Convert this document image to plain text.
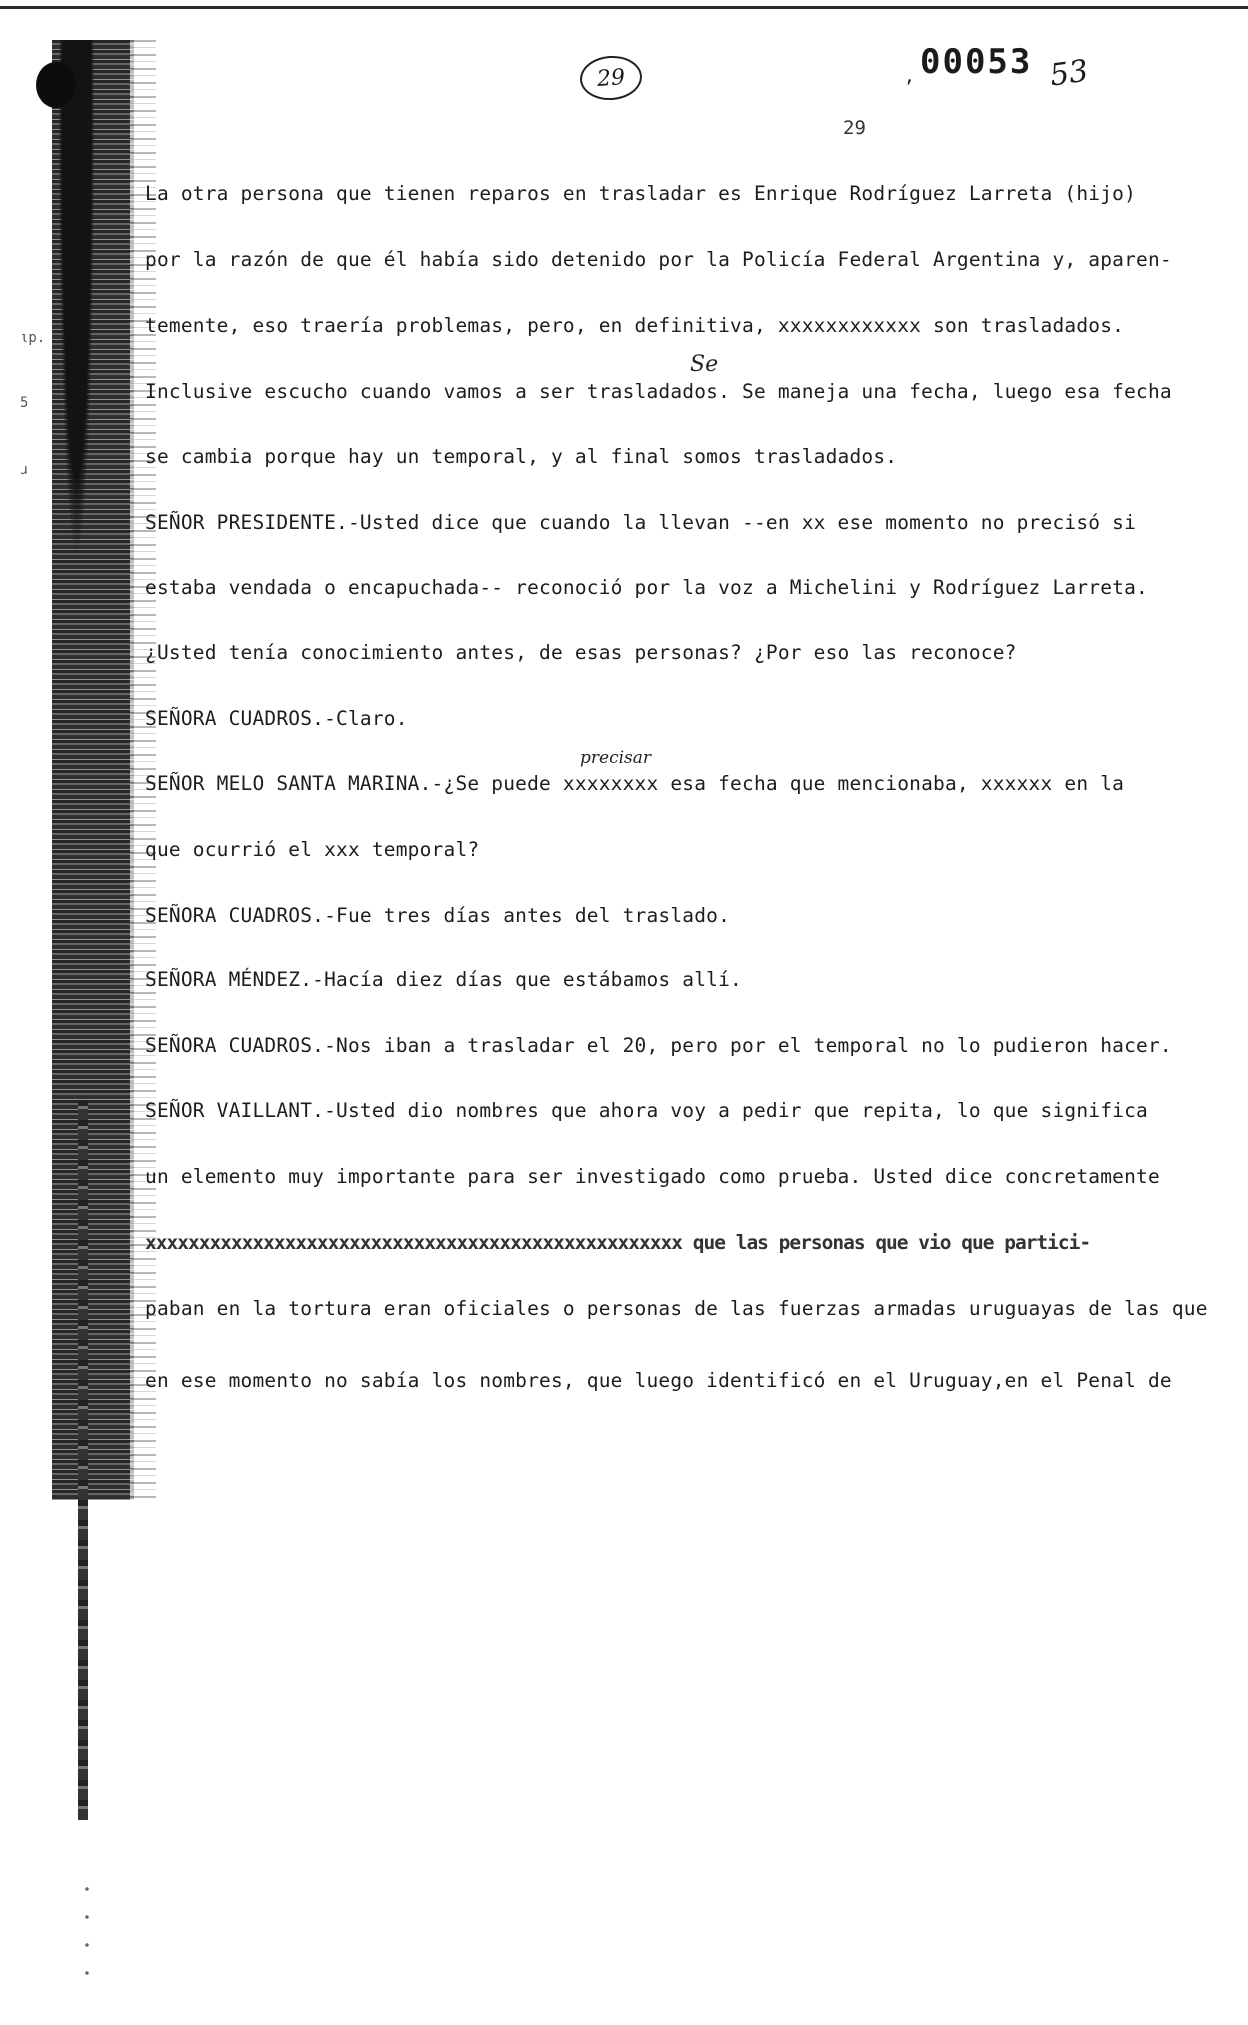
ιp.
5
ɹ
29	, 00053 53
29
Se
precisar
La otra persona que tienen reparos en trasladar es Enrique Rodríguez Larreta (hijo)
por la razón de que él había sido detenido por la Policía Federal Argentina y, aparen-
temente, eso traería problemas, pero, en definitiva, xxxxxxxxxxxx son trasladados.
Inclusive escucho cuando vamos a ser trasladados. Se maneja una fecha, luego esa fecha
se cambia porque hay un temporal, y al final somos trasladados.
SEÑOR PRESIDENTE.-Usted dice que cuando la llevan --en xx ese momento no precisó si
estaba vendada o encapuchada-- reconoció por la voz a Michelini y Rodríguez Larreta.
¿Usted tenía conocimiento antes, de esas personas? ¿Por eso las reconoce?
SEÑORA CUADROS.-Claro.
SEÑOR MELO SANTA MARINA.-¿Se puede xxxxxxxx esa fecha que mencionaba, xxxxxx en la
que ocurrió el xxx temporal?
SEÑORA CUADROS.-Fue tres días antes del traslado.
SEÑORA MÉNDEZ.-Hacía diez días que estábamos allí.
SEÑORA CUADROS.-Nos iban a trasladar el 20, pero por el temporal no lo pudieron hacer.
SEÑOR VAILLANT.-Usted dio nombres que ahora voy a pedir que repita, lo que significa
un elemento muy importante para ser investigado como prueba. Usted dice concretamente
xxxxxxxxxxxxxxxxxxxxxxxxxxxxxxxxxxxxxxxxxxxxxxxxxx que las personas que vio que partici-
paban en la tortura eran oficiales o personas de las fuerzas armadas uruguayas de las que
en ese momento no sabía los nombres, que luego identificó en el Uruguay,en el Penal de
